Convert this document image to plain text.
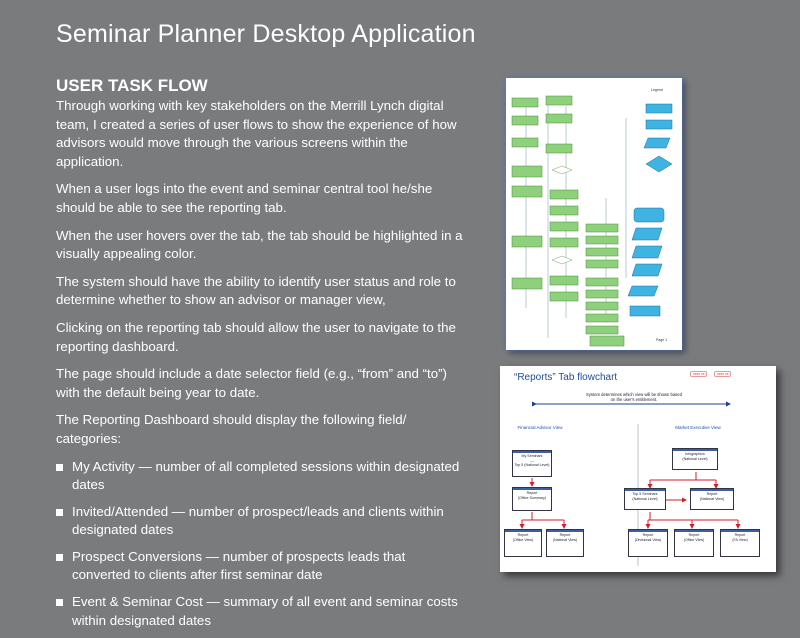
Seminar Planner Desktop Application
USER TASK FLOW

Through working with key stakeholders on the Merrill Lynch digital team, I created a series of user flows to show the experience of how advisors would move through the various screens within the application.

When a user logs into the event and seminar central tool he/she should be able to see the reporting tab.

When the user hovers over the tab, the tab should be highlighted in a visually appealing color.

The system should have the ability to identify user status and role to determine whether to show an advisor or manager view,

Clicking on the reporting tab should allow the user to navigate to the reporting dashboard.

The page should include a date selector field (e.g., “from” and “to”) with the default being year to date.

The Reporting Dashboard should display the following field/ categories:

My Activity — number of all completed sessions within designated dates
Invited/Attended — number of prospect/leads and clients within designated dates
Prospect Conversions — number of prospects leads that converted to clients after first seminar date
Event & Seminar Cost — summary of all event and seminar costs within designated dates
Legend
Page 1
“Reports” Tab flowchart	xxxx xx	xxxx xx
System determines which view will be shown based on the user's entitlement.
Financial Advisor View	Market Executive View
My Seminars
—
Top 5 (National Level)
Infographics
(National Level)
Report
(Office Summary)
Top 5 Seminars
(National Level)
Report
(National View)
Report
(Office View)
Report
(National View)
Report
(Divisional View)
Report
(Office View)
Report
(FA View)
